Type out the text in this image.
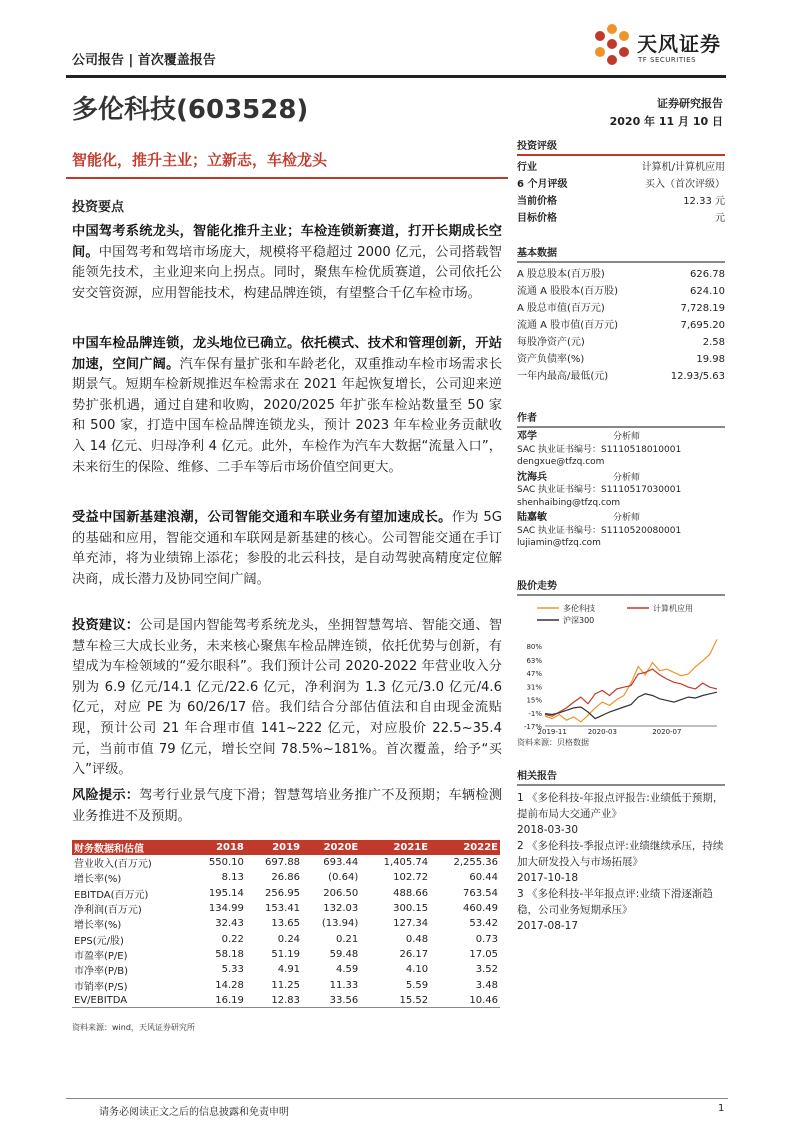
公司报告 | 首次覆盖报告
天风证券
TF SECURITIES
多伦科技(603528)	证券研究报告
2020 年 11 月 10 日
智能化，推升主业；立新志，车检龙头
投资要点
中国驾考系统龙头，智能化推升主业；车检连锁新赛道，打开长期成长空间。中国驾考和驾培市场庞大，规模将平稳超过 2000 亿元，公司搭载智能领先技术，主业迎来向上拐点。同时，聚焦车检优质赛道，公司依托公安交管资源，应用智能技术，构建品牌连锁，有望整合千亿车检市场。
中国车检品牌连锁，龙头地位已确立。依托模式、技术和管理创新，开站加速，空间广阔。汽车保有量扩张和车龄老化，双重推动车检市场需求长期景气。短期车检新规推迟车检需求在 2021 年起恢复增长，公司迎来逆势扩张机遇，通过自建和收购，2020/2025 年扩张车检站数量至 50 家和 500 家，打造中国车检品牌连锁龙头，预计 2023 年车检业务贡献收入 14 亿元、归母净利 4 亿元。此外，车检作为汽车大数据“流量入口”，未来衍生的保险、维修、二手车等后市场价值空间更大。
受益中国新基建浪潮，公司智能交通和车联业务有望加速成长。作为 5G 的基础和应用，智能交通和车联网是新基建的核心。公司智能交通在手订单充沛，将为业绩锦上添花；参股的北云科技，是自动驾驶高精度定位解决商，成长潜力及协同空间广阔。
投资建议：公司是国内智能驾考系统龙头，坐拥智慧驾培、智能交通、智慧车检三大成长业务，未来核心聚焦车检品牌连锁，依托优势与创新，有望成为车检领域的“爱尔眼科”。我们预计公司 2020-2022 年营业收入分别为 6.9 亿元/14.1 亿元/22.6 亿元，净利润为 1.3 亿元/3.0 亿元/4.6 亿元，对应 PE 为 60/26/17 倍。我们结合分部估值法和自由现金流贴现，预计公司 21 年合理市值 141~222 亿元，对应股价 22.5~35.4 元，当前市值 79 亿元，增长空间 78.5%~181%。首次覆盖，给予“买入”评级。
风险提示：驾考行业景气度下滑；智慧驾培业务推广不及预期；车辆检测业务推进不及预期。
财务数据和估值	2018	2019	2020E	2021E	2022E
营业收入(百万元)	550.10	697.88	693.44	1,405.74	2,255.36
增长率(%)	8.13	26.86	(0.64)	102.72	60.44
EBITDA(百万元)	195.14	256.95	206.50	488.66	763.54
净利润(百万元)	134.99	153.41	132.03	300.15	460.49
增长率(%)	32.43	13.65	(13.94)	127.34	53.42
EPS(元/股)	0.22	0.24	0.21	0.48	0.73
市盈率(P/E)	58.18	51.19	59.48	26.17	17.05
市净率(P/B)	5.33	4.91	4.59	4.10	3.52
市销率(P/S)	14.28	11.25	11.33	5.59	3.48
EV/EBITDA	16.19	12.83	33.56	15.52	10.46
资料来源：wind，天风证券研究所
投资评级
行业	计算机/计算机应用
6 个月评级	买入（首次评级）
当前价格	12.33 元
目标价格	元
基本数据
A 股总股本(百万股)	626.78
流通 A 股股本(百万股)	624.10
A 股总市值(百万元)	7,728.19
流通 A 股市值(百万元)	7,695.20
每股净资产(元)	2.58
资产负债率(%)	19.98
一年内最高/最低(元)	12.93/5.63
作者
邓学	分析师
SAC 执业证书编号：S1110518010001
dengxue@tfzq.com
沈海兵	分析师
SAC 执业证书编号：S1110517030001
shenhaibing@tfzq.com
陆嘉敏	分析师
SAC 执业证书编号：S1110520080001
lujiamin@tfzq.com
股价走势
多伦科技	计算机应用
沪深300
80%
63%
47%
31%
15%
-1%
-17%
2019-11	2020-03	2020-07
资料来源：贝格数据
相关报告
1 《多伦科技-年报点评报告:业绩低于预期，提前布局大交通产业》
2018-03-30
2 《多伦科技-季报点评:业绩继续承压，持续加大研发投入与市场拓展》
2017-10-18
3 《多伦科技-半年报点评:业绩下滑逐渐趋稳，公司业务短期承压》
2017-08-17
请务必阅读正文之后的信息披露和免责申明	1
